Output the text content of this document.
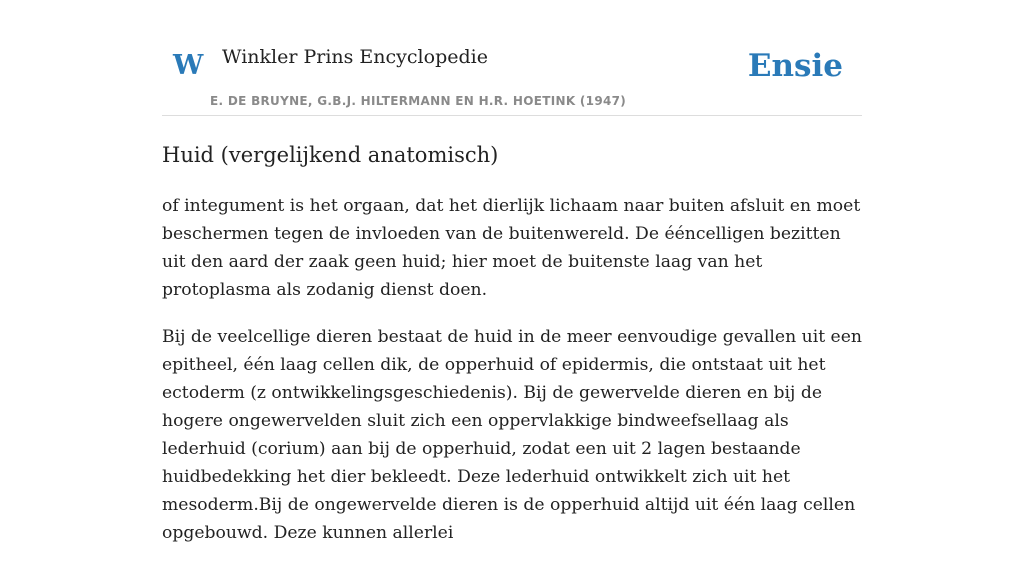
W Winkler Prins Encyclopedie
E. DE BRUYNE, G.B.J. HILTERMANN EN H.R. HOETINK (1947)
Ensie
Huid (vergelijkend anatomisch)

of integument is het orgaan, dat het dierlijk lichaam naar buiten afsluit en moet beschermen tegen de invloeden van de buitenwereld. De ééncelligen bezitten uit den aard der zaak geen huid; hier moet de buitenste laag van het protoplasma als zodanig dienst doen.

Bij de veelcellige dieren bestaat de huid in de meer eenvoudige gevallen uit een epitheel, één laag cellen dik, de opperhuid of epidermis, die ontstaat uit het ectoderm (z ontwikkelingsgeschiedenis). Bij de gewervelde dieren en bij de hogere ongewervelden sluit zich een oppervlakkige bindweefsellaag als lederhuid (corium) aan bij de opperhuid, zodat een uit 2 lagen bestaande huidbedekking het dier bekleedt. Deze lederhuid ontwikkelt zich uit het mesoderm.Bij de ongewervelde dieren is de opperhuid altijd uit één laag cellen opgebouwd. Deze kunnen allerlei
